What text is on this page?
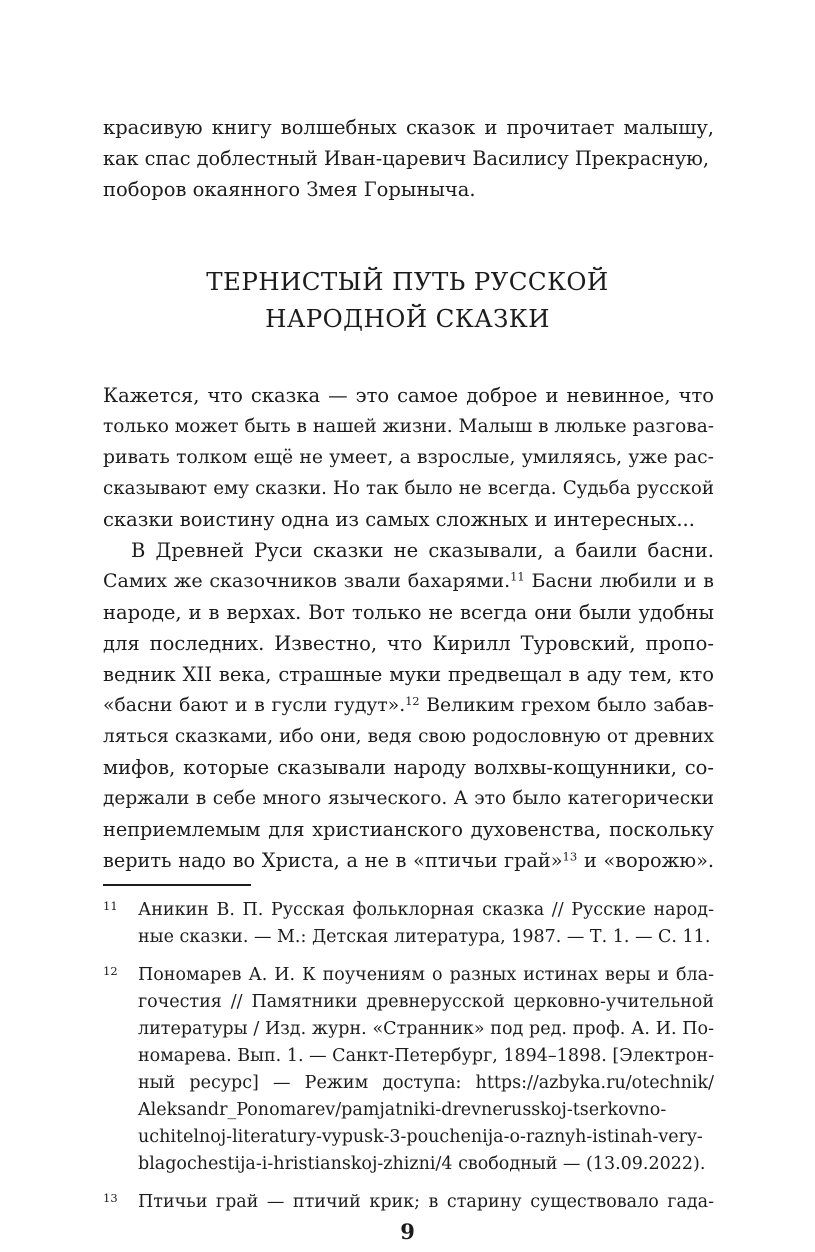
красивую книгу волшебных сказок и прочитает малышу,
как спас доблестный Иван-царевич Василису Прекрасную,
поборов окаянного Змея Горыныча.
ТЕРНИСТЫЙ ПУТЬ РУССКОЙ
НАРОДНОЙ СКАЗКИ
Кажется, что сказка — это самое доброе и невинное, что
только может быть в нашей жизни. Малыш в люльке разгова-
ривать толком ещё не умеет, а взрослые, умиляясь, уже рас-
сказывают ему сказки. Но так было не всегда. Судьба русской
сказки воистину одна из самых сложных и интересных...
В Древней Руси сказки не сказывали, а баили басни.
Самих же сказочников звали бахарями.$^{11}$ Басни любили и в
народе, и в верхах. Вот только не всегда они были удобны
для последних. Известно, что Кирилл Туровский, пропо-
ведник XII века, страшные муки предвещал в аду тем, кто
«басни бают и в гусли гудут».$^{12}$ Великим грехом было забав-
ляться сказками, ибо они, ведя свою родословную от древних
мифов, которые сказывали народу волхвы-кощунники, со-
держали в себе много языческого. А это было категорически
неприемлемым для христианского духовенства, поскольку
верить надо во Христа, а не в «птичьи грай»$^{13}$ и «ворожю».
11 Аникин В. П. Русская фольклорная сказка // Русские народ-
ные сказки. — М.: Детская литература, 1987. — Т. 1. — С. 11.
12 Пономарев А. И. К поучениям о разных истинах веры и бла-
гочестия // Памятники древнерусской церковно-учительной
литературы / Изд. журн. «Странник» под ред. проф. А. И. По-
номарева. Вып. 1. — Санкт-Петербург, 1894–1898. [Электрон-
ный ресурс] — Режим доступа: https://azbyka.ru/otechnik/
Aleksandr_Ponomarev/pamjatniki-drevnerusskoj-tserkovno-
uchitelnoj-literatury-vypusk-3-pouchenija-o-raznyh-istinah-very-
blagochestija-i-hristianskoj-zhizni/4 свободный — (13.09.2022).
13 Птичьи грай — птичий крик; в старину существовало гада-
9
